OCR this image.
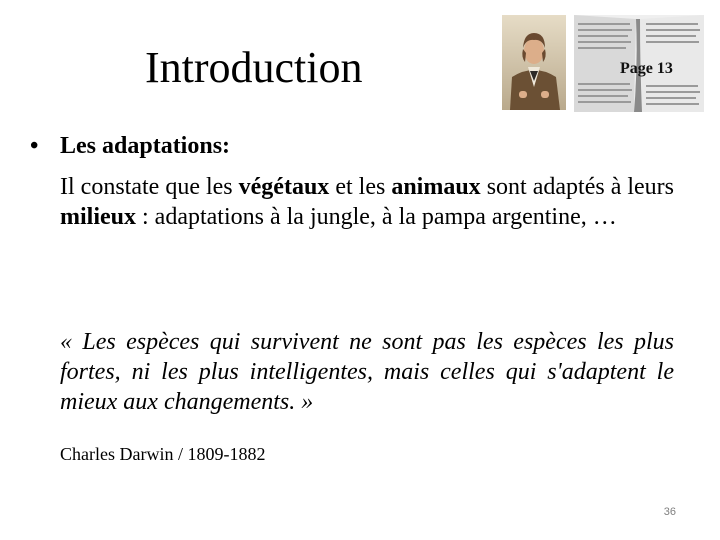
Introduction	Page 13
• Les adaptations:
Il constate que les végétaux et les animaux sont adaptés à leurs milieux : adaptations à la jungle, à la pampa argentine, …
« Les espèces qui survivent ne sont pas les espèces les plus fortes, ni les plus intelligentes, mais celles qui s'adaptent le mieux aux changements. »
Charles Darwin / 1809-1882
36
